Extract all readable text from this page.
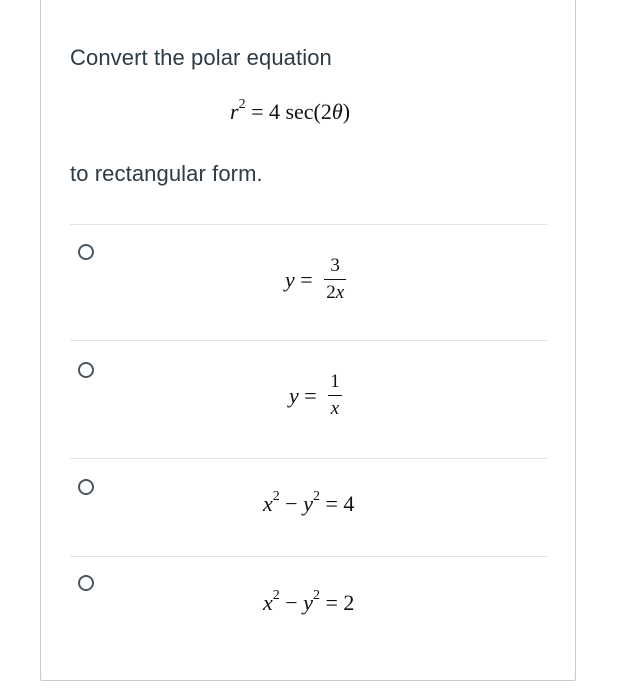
Convert the polar equation
$r^2 = 4$ sec(2θ)
to rectangular form.
$y = \frac{3}{2x}$
$y = \frac{1}{x}$
$x^2 - y^2 = 4$
$x^2 - y^2 = 2$
